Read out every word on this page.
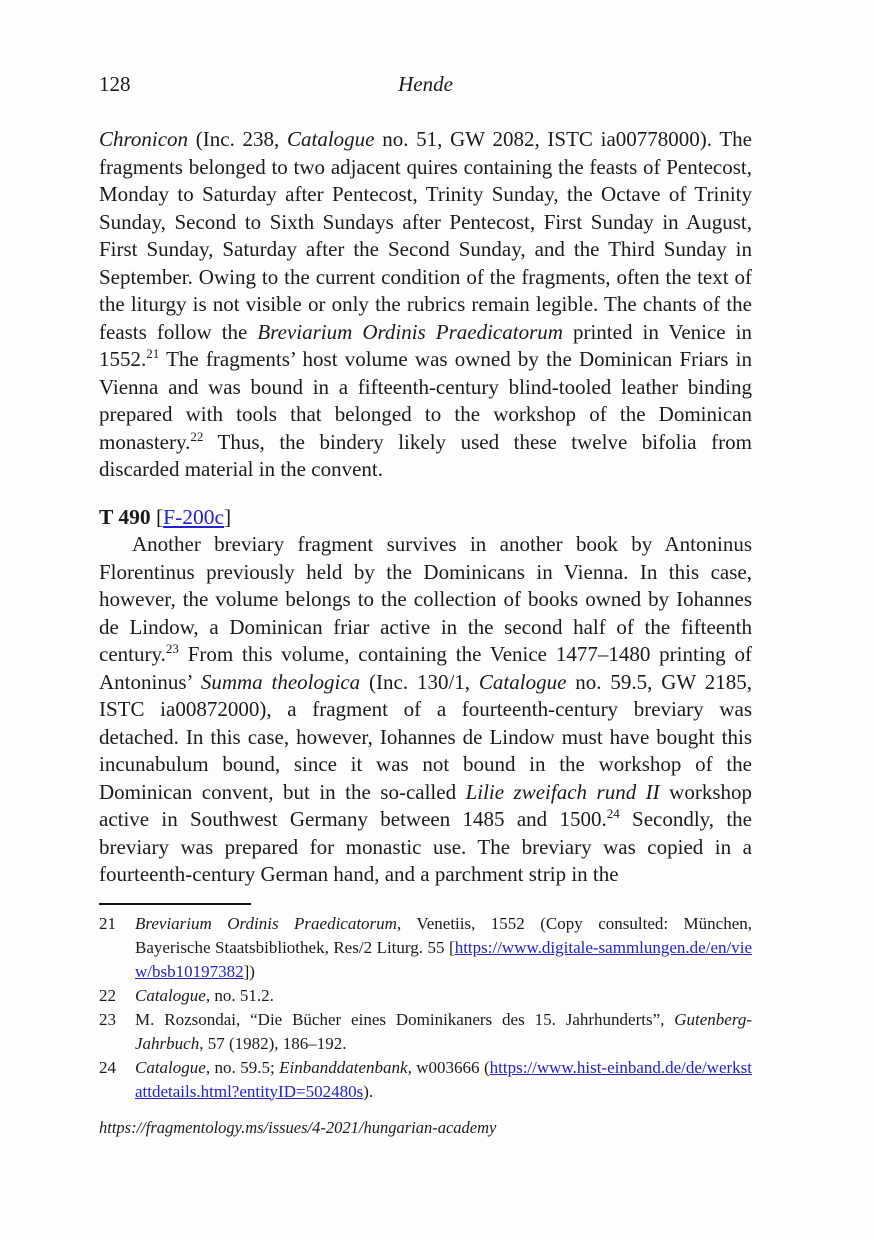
128	Hende

Chronicon (Inc. 238, Catalogue no. 51, GW 2082, ISTC ia00778000). The fragments belonged to two adjacent quires containing the feasts of Pentecost, Monday to Saturday after Pentecost, Trinity Sunday, the Octave of Trinity Sunday, Second to Sixth Sundays after Pentecost, First Sunday in August, First Sunday, Saturday after the Second Sunday, and the Third Sunday in September. Owing to the current condition of the fragments, often the text of the liturgy is not visible or only the rubrics remain legible. The chants of the feasts follow the Breviarium Ordinis Praedicatorum printed in Venice in 1552.21 The fragments’ host volume was owned by the Dominican Friars in Vienna and was bound in a fifteenth-century blind-tooled leather binding prepared with tools that belonged to the workshop of the Dominican monastery.$^{22}$ Thus, the bindery likely used these twelve bifolia from discarded material in the convent.

T 490 [F-200c]

Another breviary fragment survives in another book by Antoninus Florentinus previously held by the Dominicans in Vienna. In this case, however, the volume belongs to the collection of books owned by Iohannes de Lindow, a Dominican friar active in the second half of the fifteenth century.$^{23}$ From this volume, containing the Venice 1477–1480 printing of Antoninus’ Summa theologica (Inc. 130/1, Catalogue no. 59.5, GW 2185, ISTC ia00872000), a fragment of a fourteenth-century breviary was detached. In this case, however, Iohannes de Lindow must have bought this incunabulum bound, since it was not bound in the workshop of the Dominican convent, but in the so-called Lilie zweifach rund II workshop active in Southwest Germany between 1485 and 1500.24 Secondly, the breviary was prepared for monastic use. The breviary was copied in a fourteenth-century German hand, and a parchment strip in the

21	Breviarium Ordinis Praedicatorum, Venetiis, 1552 (Copy consulted: München, Bayerische Staatsbibliothek, Res/2 Liturg. 55 [https://www.digitale-sammlungen.de/en/view/bsb10197382])
22	Catalogue, no. 51.2.
23	M. Rozsondai, “Die Bücher eines Dominikaners des 15. Jahrhunderts”, Gutenberg-Jahrbuch, 57 (1982), 186–192.
24	Catalogue, no. 59.5; Einbanddatenbank, w003666 (https://www.hist-einband.de/de/werkstattdetails.html?entityID=502480s).
https://fragmentology.ms/issues/4-2021/hungarian-academy
